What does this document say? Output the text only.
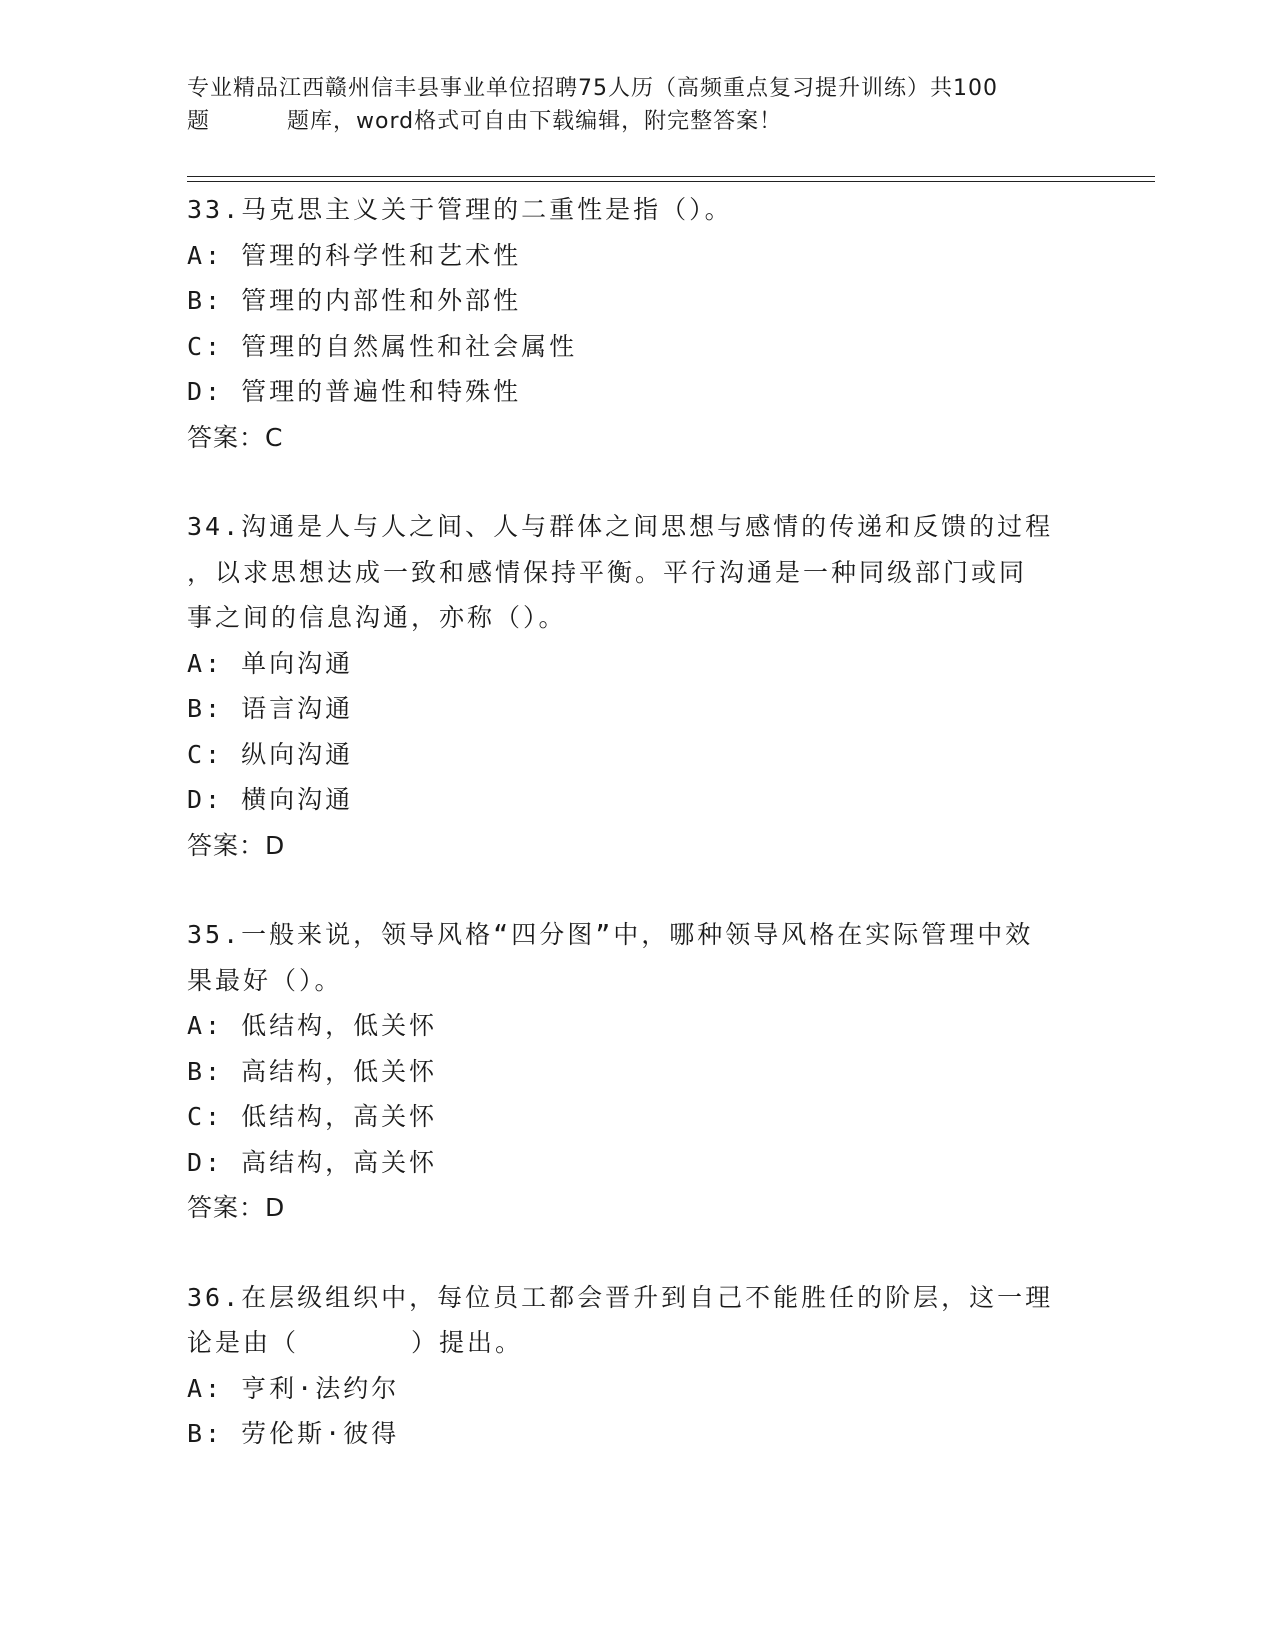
专业精品江西赣州信丰县事业单位招聘75人历（高频重点复习提升训练）共100
题	题库，word格式可自由下载编辑，附完整答案！
33.马克思主义关于管理的二重性是指（）。
A: 管理的科学性和艺术性
B: 管理的内部性和外部性
C: 管理的自然属性和社会属性
D: 管理的普遍性和特殊性
答案：C
34.沟通是人与人之间、人与群体之间思想与感情的传递和反馈的过程
，以求思想达成一致和感情保持平衡。平行沟通是一种同级部门或同
事之间的信息沟通，亦称（）。
A: 单向沟通
B: 语言沟通
C: 纵向沟通
D: 横向沟通
答案：D
35.一般来说，领导风格“四分图”中，哪种领导风格在实际管理中效
果最好（）。
A: 低结构，低关怀
B: 高结构，低关怀
C: 低结构，高关怀
D: 高结构，高关怀
答案：D
36.在层级组织中，每位员工都会晋升到自己不能胜任的阶层，这一理
论是由（　　　　）提出。
A: 亨利·法约尔
B: 劳伦斯·彼得
